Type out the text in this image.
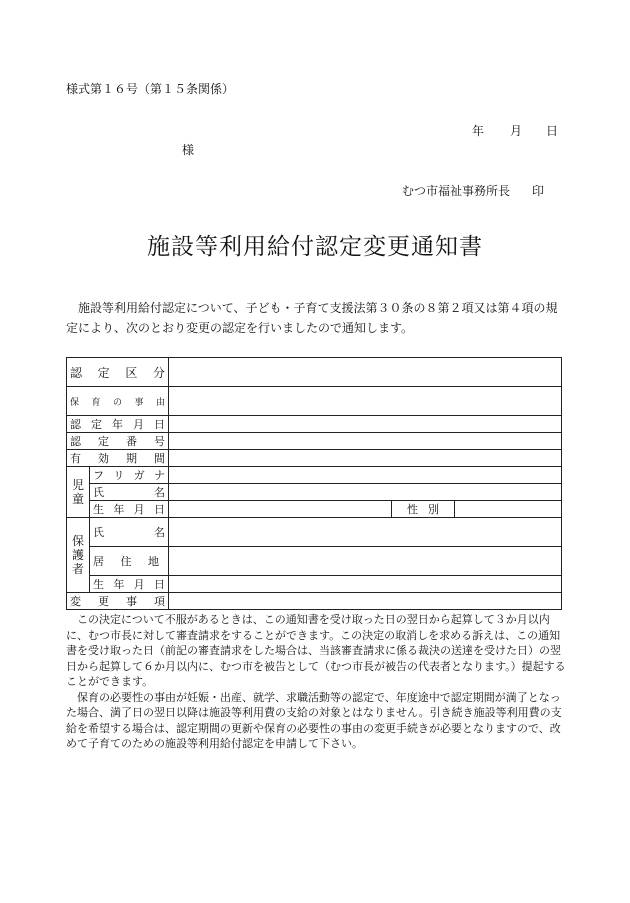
様式第１６号（第１５条関係）
年 月 日
様
むつ市福祉事務所長 印
施設等利用給付認定変更通知書

施設等利用給付認定について、子ども・子育て支援法第３０条の８第２項又は第４項の規定により、次のとおり変更の認定を行いましたので通知します。

認 定 区 分				

保 育 の 事 由				

認 定 年 月 日				

認 定 番 号				

有 効 期 間				

児童	フ リ ガ ナ			

	氏 名			

	生 年 月 日		性 別	
保護者	氏 名			

	居 住 地			

	生 年 月 日			

変 更 事 項				

この決定について不服があるときは、この通知書を受け取った日の翌日から起算して３か月以内に、むつ市長に対して審査請求をすることができます。この決定の取消しを求める訴えは、この通知書を受け取った日（前記の審査請求をした場合は、当該審査請求に係る裁決の送達を受けた日）の翌日から起算して６か月以内に、むつ市を被告として（むつ市長が被告の代表者となります。）提起することができます。

保育の必要性の事由が妊娠・出産、就学、求職活動等の認定で、年度途中で認定期間が満了となった場合、満了日の翌日以降は施設等利用費の支給の対象とはなりません。引き続き施設等利用費の支給を希望する場合は、認定期間の更新や保育の必要性の事由の変更手続きが必要となりますので、改めて子育てのための施設等利用給付認定を申請して下さい。
